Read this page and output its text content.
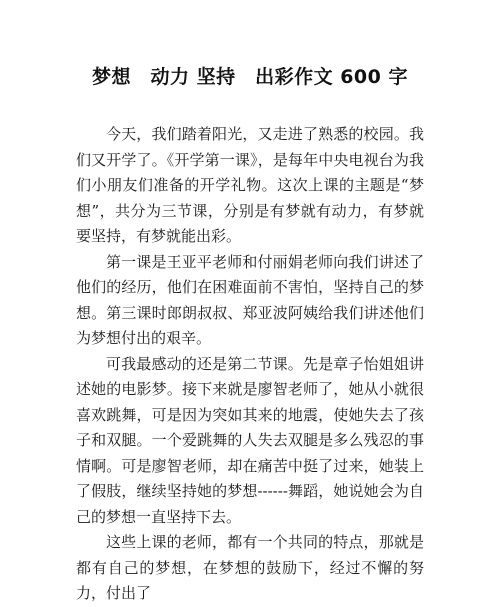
梦想　动力 坚持　出彩作文 600 字

今天，我们踏着阳光，又走进了熟悉的校园。我们又开学了。《开学第一课》，是每年中央电视台为我们小朋友们准备的开学礼物。这次上课的主题是“梦想”，共分为三节课，分别是有梦就有动力，有梦就要坚持，有梦就能出彩。

第一课是王亚平老师和付丽娟老师向我们讲述了他们的经历，他们在困难面前不害怕，坚持自己的梦想。第三课时郎朗叔叔、郑亚波阿姨给我们讲述他们为梦想付出的艰辛。

可我最感动的还是第二节课。先是章子怡姐姐讲述她的电影梦。接下来就是廖智老师了，她从小就很喜欢跳舞，可是因为突如其来的地震，使她失去了孩子和双腿。一个爱跳舞的人失去双腿是多么残忍的事情啊。可是廖智老师，却在痛苦中挺了过来，她装上了假肢，继续坚持她的梦想------舞蹈，她说她会为自己的梦想一直坚持下去。

这些上课的老师，都有一个共同的特点，那就是都有自己的梦想，在梦想的鼓励下，经过不懈的努力，付出了
